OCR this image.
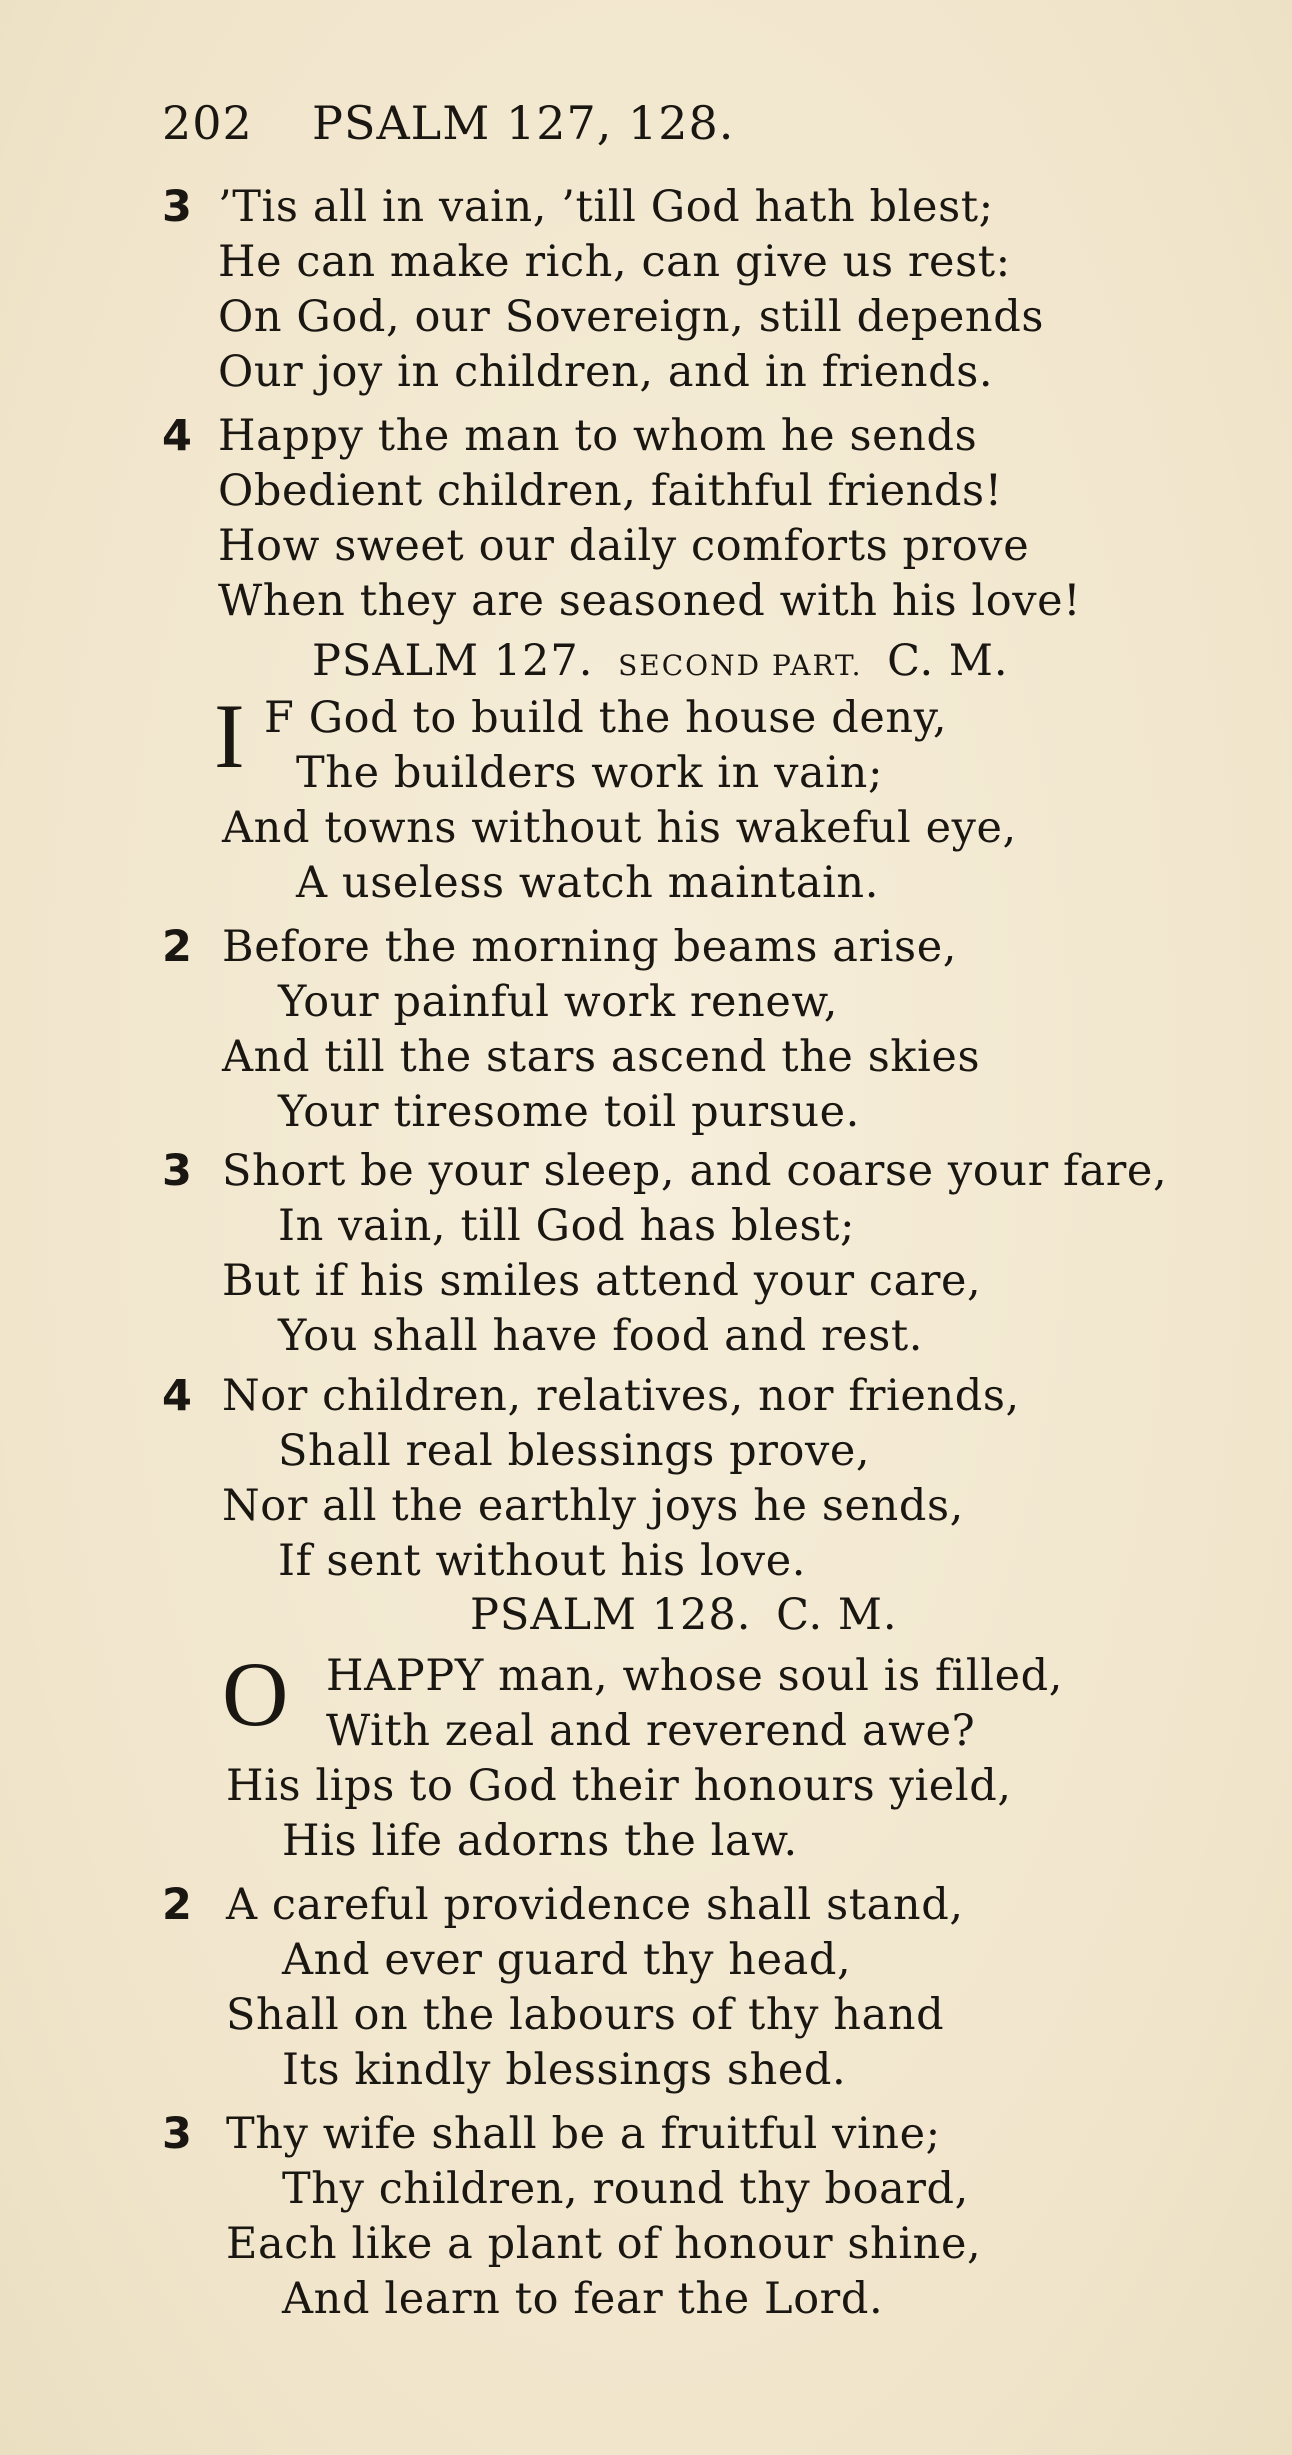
202 PSALM 127, 128.
3 ’Tis all in vain, ’till God hath blest;
He can make rich, can give us rest:
On God, our Sovereign, still depends
Our joy in children, and in friends.
4 Happy the man to whom he sends
Obedient children, faithful friends!
How sweet our daily comforts prove
When they are seasoned with his love!
PSALM 127. SECOND PART. C. M.
I F God to build the house deny,
The builders work in vain;
And towns without his wakeful eye,
A useless watch maintain.
2 Before the morning beams arise,
Your painful work renew,
And till the stars ascend the skies
Your tiresome toil pursue.
3 Short be your sleep, and coarse your fare,
In vain, till God has blest;
But if his smiles attend your care,
You shall have food and rest.
4 Nor children, relatives, nor friends,
Shall real blessings prove,
Nor all the earthly joys he sends,
If sent without his love.
PSALM 128. C. M.
O HAPPY man, whose soul is filled,
With zeal and reverend awe?
His lips to God their honours yield,
His life adorns the law.
2 A careful providence shall stand,
And ever guard thy head,
Shall on the labours of thy hand
Its kindly blessings shed.
3 Thy wife shall be a fruitful vine;
Thy children, round thy board,
Each like a plant of honour shine,
And learn to fear the Lord.
